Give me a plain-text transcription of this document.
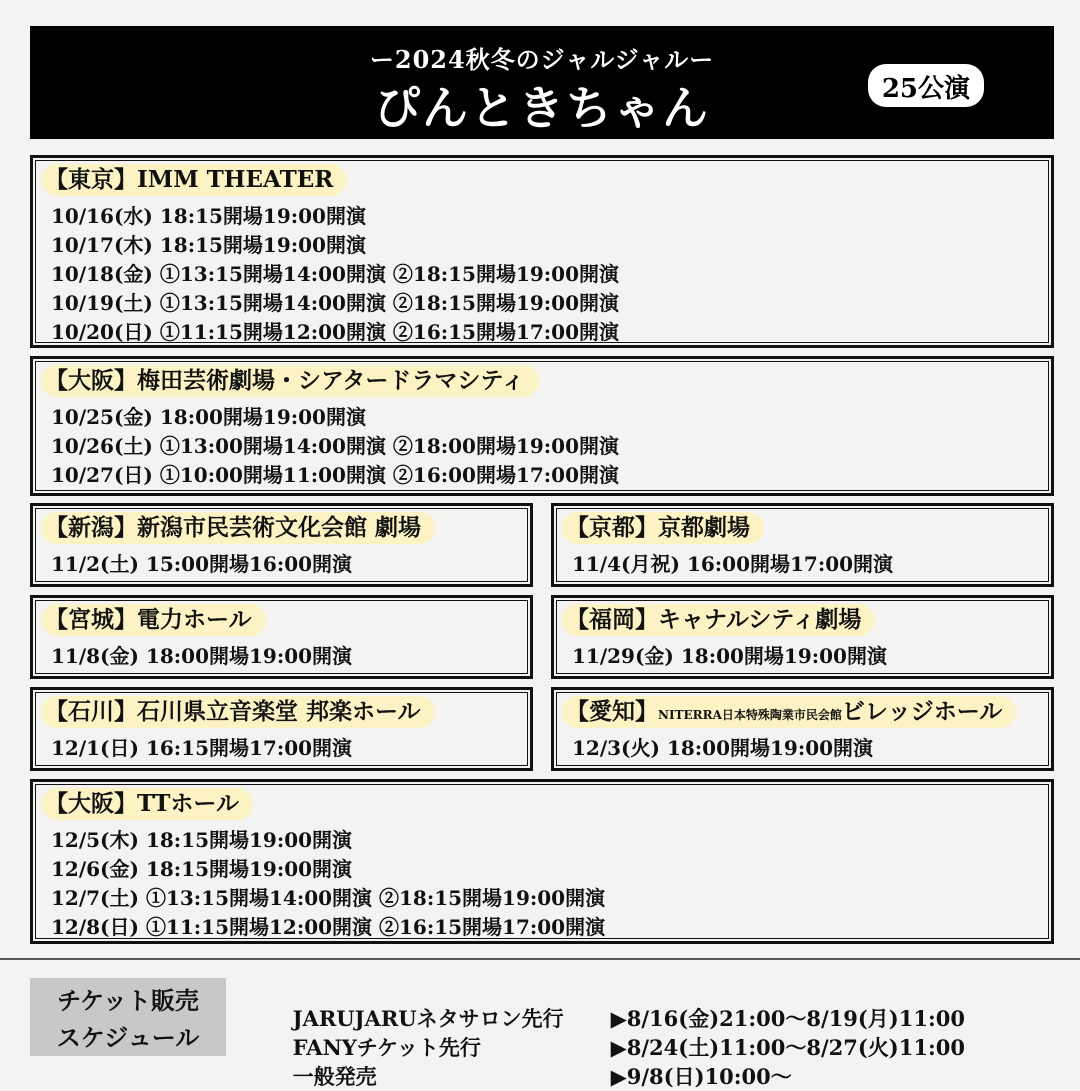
ー2024秋冬のジャルジャルー
ぴんときちゃん	25公演
【東京】IMM THEATER
10/16(水) 18:15開場19:00開演
10/17(木) 18:15開場19:00開演
10/18(金) ①13:15開場14:00開演 ②18:15開場19:00開演
10/19(土) ①13:15開場14:00開演 ②18:15開場19:00開演
10/20(日) ①11:15開場12:00開演 ②16:15開場17:00開演
【大阪】梅田芸術劇場・シアタードラマシティ
10/25(金) 18:00開場19:00開演
10/26(土) ①13:00開場14:00開演 ②18:00開場19:00開演
10/27(日) ①10:00開場11:00開演 ②16:00開場17:00開演
【新潟】新潟市民芸術文化会館 劇場
11/2(土) 15:00開場16:00開演
【京都】京都劇場
11/4(月祝) 16:00開場17:00開演
【宮城】電力ホール
11/8(金) 18:00開場19:00開演
【福岡】キャナルシティ劇場
11/29(金) 18:00開場19:00開演
【石川】石川県立音楽堂 邦楽ホール
12/1(日) 16:15開場17:00開演
【愛知】NITERRA日本特殊陶業市民会館ビレッジホール
12/3(火) 18:00開場19:00開演
【大阪】TTホール
12/5(木) 18:15開場19:00開演
12/6(金) 18:15開場19:00開演
12/7(土) ①13:15開場14:00開演 ②18:15開場19:00開演
12/8(日) ①11:15開場12:00開演 ②16:15開場17:00開演
チケット販売
スケジュール

JARUJARUネタサロン先行 ▶8/16(金)21:00〜8/19(月)11:00

FANYチケット先行	▶8/24(土)11:00〜8/27(火)11:00

一般発売	▶9/8(日)10:00〜
